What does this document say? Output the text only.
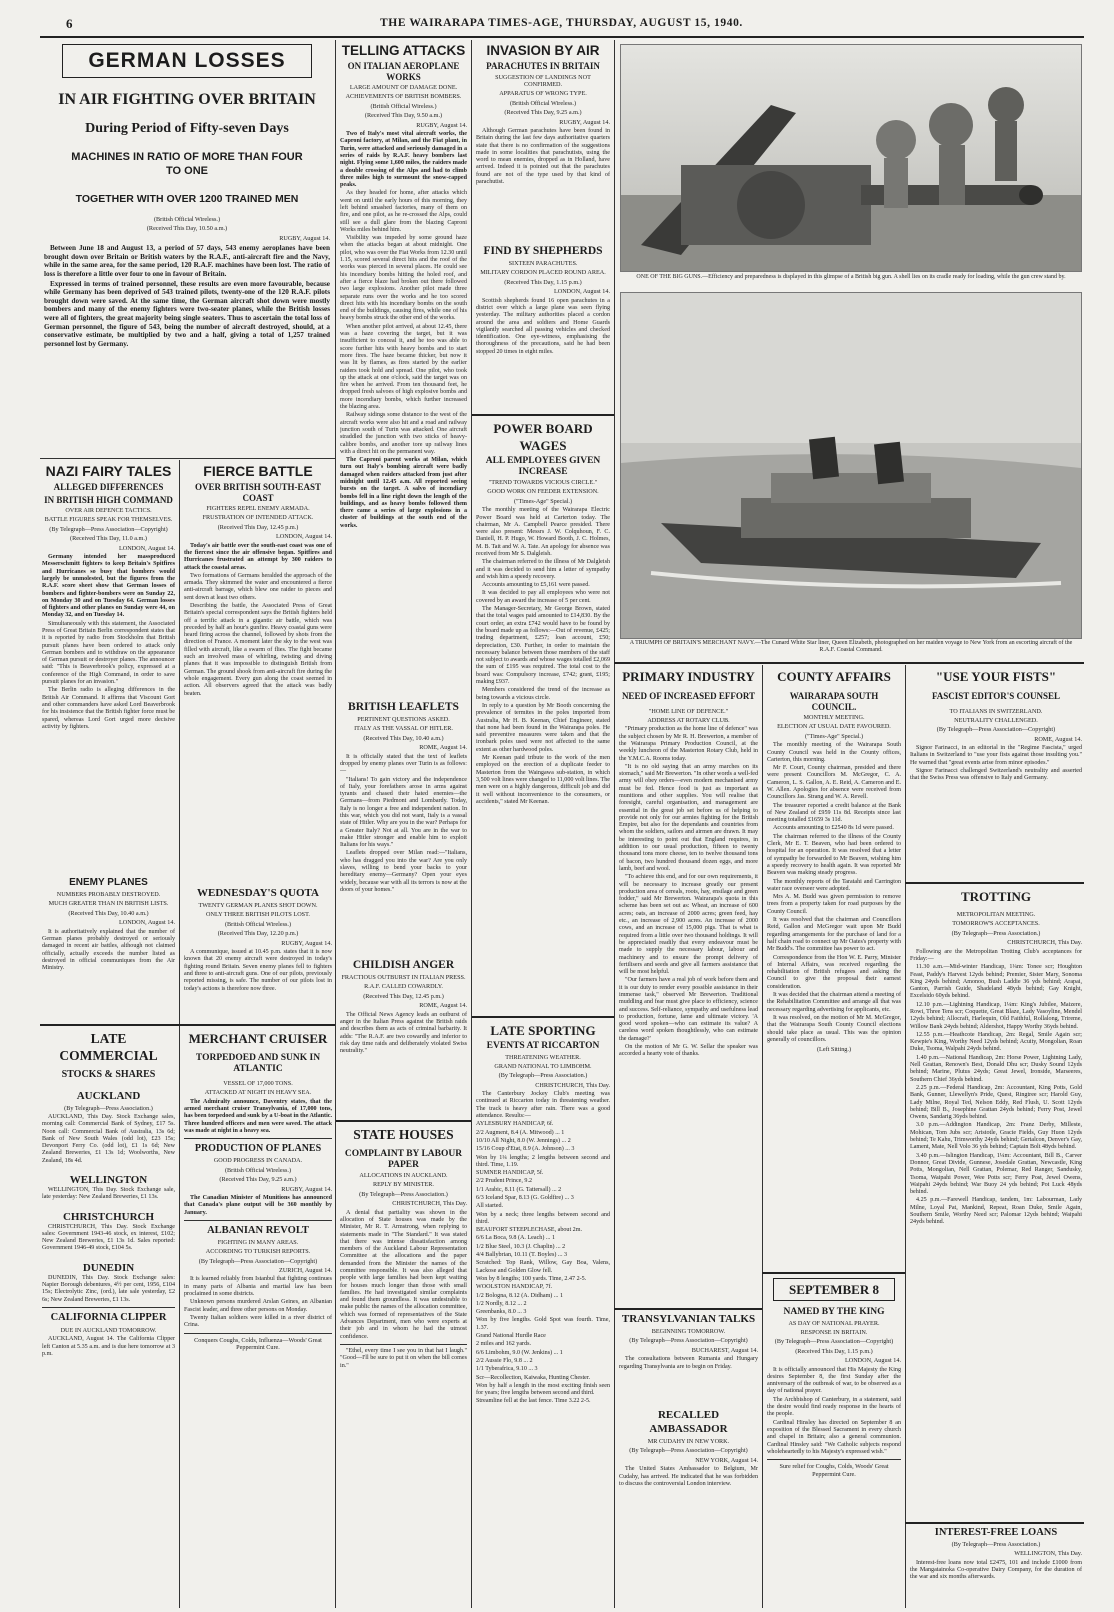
6	THE WAIRARAPA TIMES-AGE, THURSDAY, AUGUST 15, 1940.

GERMAN LOSSES

IN AIR FIGHTING OVER BRITAIN

During Period of Fifty-seven Days

MACHINES IN RATIO OF MORE THAN FOUR TO ONE

TOGETHER WITH OVER 1200 TRAINED MEN

(British Official Wireless.)

(Received This Day, 10.50 a.m.)

RUGBY, August 14.

Between June 18 and August 13, a period of 57 days, 543 enemy aeroplanes have been brought down over Britain or British waters by the R.A.F., anti-aircraft fire and the Navy, while in the same area, for the same period, 120 R.A.F. machines have been lost. The ratio of loss is therefore a little over four to one in favour of Britain.

Expressed in terms of trained personnel, these results are even more favourable, because while Germany has been deprived of 543 trained pilots, twenty-one of the 120 R.A.F. pilots brought down were saved. At the same time, the German aircraft shot down were mostly bombers and many of the enemy fighters were two-seater planes, while the British losses were all of fighters, the great majority being single seaters. Thus to ascertain the total loss of German personnel, the figure of 543, being the number of aircraft destroyed, should, at a conservative estimate, be multiplied by two and a half, giving a total of 1,257 trained personnel lost by Germany.

NAZI FAIRY TALES

ALLEGED DIFFERENCES

IN BRITISH HIGH COMMAND

OVER AIR DEFENCE TACTICS.

BATTLE FIGURES SPEAK FOR THEMSELVES.

(By Telegraph—Press Association—Copyright)

(Received This Day, 11.0 a.m.)

LONDON, August 14.

Germany intended her massproduced Messerschmitt fighters to keep Britain's Spitfires and Hurricanes so busy that bombers would largely be unmolested, but the figures from the R.A.F. score sheet show that German losses of bombers and fighter-bombers were on Sunday 22, on Monday 30 and on Tuesday 64. German losses of fighters and other planes on Sunday were 44, on Monday 32, and on Tuesday 14.

Simultaneously with this statement, the Associated Press of Great Britain Berlin correspondent states that it is reported by radio from Stockholm that British pursuit planes have been ordered to attack only German bombers and to withdraw on the appearance of German pursuit or destroyer planes. The announcer said: "This is Beaverbrook's policy, expressed at a conference of the High Command, in order to save pursuit planes for an invasion."

The Berlin radio is alleging differences in the British Air Command. It affirms that Viscount Gort and other commanders have asked Lord Beaverbrook for his insistence that the British fighter force must be spared, whereas Lord Gort urged more decisive activity by fighters.

ENEMY PLANES

NUMBERS PROBABLY DESTROYED.

MUCH GREATER THAN IN BRITISH LISTS.

(Received This Day, 10.40 a.m.)

LONDON, August 14.

It is authoritatively explained that the number of German planes probably destroyed or seriously damaged in recent air battles, although not claimed officially, actually exceeds the number listed as destroyed in official communiques from the Air Ministry.

FIERCE BATTLE

OVER BRITISH SOUTH-EAST COAST

FIGHTERS REPEL ENEMY ARMADA.

FRUSTRATION OF INTENDED ATTACK.

(Received This Day, 12.45 p.m.)

LONDON, August 14.

Today's air battle over the south-east coast was one of the fiercest since the air offensive began. Spitfires and Hurricanes frustrated an attempt by 300 raiders to attack the coastal areas.

Two formations of Germans heralded the approach of the armada. They skimmed the water and encountered a fierce anti-aircraft barrage, which blew one raider to pieces and sent down at least two others.

Describing the battle, the Associated Press of Great Britain's special correspondent says the British fighters held off a terrific attack in a gigantic air battle, which was preceded by half an hour's gunfire. Heavy coastal guns were heard firing across the channel, followed by shots from the direction of France. A moment later the sky to the west was filled with aircraft, like a swarm of flies. The fight became such an involved mass of whirling, twisting and diving planes that it was impossible to distinguish British from German. The ground shook from anti-aircraft fire during the whole engagement. Every gun along the coast seemed in action. All observers agreed that the attack was badly beaten.

WEDNESDAY'S QUOTA

TWENTY GERMAN PLANES SHOT DOWN.

ONLY THREE BRITISH PILOTS LOST.

(British Official Wireless.)

(Received This Day, 12.20 p.m.)

RUGBY, August 14.

A communique, issued at 10.45 p.m. states that it is now known that 20 enemy aircraft were destroyed in today's fighting round Britain. Seven enemy planes fell to fighters and three to anti-aircraft guns. One of our pilots, previously reported missing, is safe. The number of our pilots lost in today's actions is therefore now three.

LATE COMMERCIAL

STOCKS & SHARES

AUCKLAND

(By Telegraph—Press Association.)

AUCKLAND, This Day. Stock Exchange sales, morning call: Commercial Bank of Sydney, £17 5s. Noon call: Commercial Bank of Australia, 13s 6d; Bank of New South Wales (odd lot), £23 15s; Devonport Ferry Co. (odd lot), £1 1s 6d; New Zealand Breweries, £1 13s 1d; Woolworths, New Zealand, 18s 4d.

WELLINGTON

WELLINGTON, This Day. Stock Exchange sale, late yesterday: New Zealand Breweries, £1 13s.

CHRISTCHURCH

CHRISTCHURCH, This Day. Stock Exchange sales: Government 1943-46 stock, ex interest, £102; New Zealand Breweries, £1 13s 1d. Sales reported: Government 1946-49 stock, £104 5s.

DUNEDIN

DUNEDIN, This Day. Stock Exchange sales: Napier Borough debentures, 4½ per cent, 1956, £104 15s; Electrolytic Zinc, (ord.), late sale yesterday, £2 6s; New Zealand Breweries, £1 13s.

CALIFORNIA CLIPPER

DUE IN AUCKLAND TOMORROW.

AUCKLAND, August 14. The California Clipper left Canton at 5.35 a.m. and is due here tomorrow at 3 p.m.

MERCHANT CRUISER

TORPEDOED AND SUNK IN ATLANTIC

VESSEL OF 17,000 TONS.

ATTACKED AT NIGHT IN HEAVY SEA.

The Admiralty announce, Daventry states, that the armed merchant cruiser Transylvania, of 17,000 tons, has been torpedoed and sunk by a U-boat in the Atlantic. Three hundred officers and men were saved. The attack was made at night in a heavy sea.

PRODUCTION OF PLANES

GOOD PROGRESS IN CANADA.

(British Official Wireless.)

(Received This Day, 9.25 a.m.)

RUGBY, August 14.

The Canadian Minister of Munitions has announced that Canada's plane output will be 360 monthly by January.

ALBANIAN REVOLT

FIGHTING IN MANY AREAS.

ACCORDING TO TURKISH REPORTS.

(By Telegraph—Press Association—Copyright)

ZURICH, August 14.

It is learned reliably from Istanbul that fighting continues in many parts of Albania and martial law has been proclaimed in some districts.

Unknown persons murdered Arslan Geines, an Albanian Fascist leader, and three other persons on Monday.

Twenty Italian soldiers were killed in a river district of Crina.

Conquers Coughs, Colds, Influenza—Woods' Great Peppermint Cure.

TELLING ATTACKS

ON ITALIAN AEROPLANE WORKS

LARGE AMOUNT OF DAMAGE DONE.

ACHIEVEMENTS OF BRITISH BOMBERS.

(British Official Wireless.)

(Received This Day, 9.50 a.m.)

RUGBY, August 14.

Two of Italy's most vital aircraft works, the Caproni factory, at Milan, and the Fiat plant, in Turin, were attacked and seriously damaged in a series of raids by R.A.F. heavy bombers last night. Flying some 1,600 miles, the raiders made a double crossing of the Alps and had to climb three miles high to surmount the snow-capped peaks.

As they headed for home, after attacks which went on until the early hours of this morning, they left behind smashed factories, many of them on fire, and one pilot, as he re-crossed the Alps, could still see a dull glare from the blazing Caproni Works miles behind him.

Visibility was impeded by some ground haze when the attacks began at about midnight. One pilot, who was over the Fiat Works from 12.30 until 1.15, scored several direct hits and the roof of the works was pierced in several places. He could see his incendiary bombs hitting the holed roof, and after a fierce blaze had broken out there followed two large explosions. Another pilot made three separate runs over the works and he too scored direct hits with his incendiary bombs on the south end of the buildings, causing fires, while one of his heavy bombs struck the other end of the works.

When another pilot arrived, at about 12.45, there was a haze covering the target, but it was insufficient to conceal it, and he too was able to score further hits with heavy bombs and to start more fires. The haze became thicker, but now it was lit by flames, as fires started by the earlier raiders took hold and spread. One pilot, who took up the attack at one o'clock, said the target was on fire when he arrived. From ten thousand feet, he dropped fresh salvoes of high explosive bombs and more incendiary bombs, which further increased the blazing area.

Railway sidings some distance to the west of the aircraft works were also hit and a road and railway junction south of Turin was attacked. One aircraft straddled the junction with two sticks of heavy-calibre bombs, and another tore up railway lines with a direct hit on the permanent way.

The Caproni parent works at Milan, which turn out Italy's bombing aircraft were badly damaged when raiders attacked from just after midnight until 12.45 a.m. All reported seeing bursts on the target. A salvo of incendiary bombs fell in a line right down the length of the buildings, and as heavy bombs followed them there came a series of large explosions in a cluster of buildings at the south end of the works.

BRITISH LEAFLETS

PERTINENT QUESTIONS ASKED.

ITALY AS THE VASSAL OF HITLER.

(Received This Day, 10.40 a.m.)

ROME, August 14.

It is officially stated that the text of leaflets dropped by enemy planes over Turin is as follows:—

"Italians! To gain victory and the independence of Italy, your forefathers arose in arms against tyrants and chased their hated enemies—the Germans—from Piedmont and Lombardy. Today, Italy is no longer a free and independent nation. In this war, which you did not want, Italy is a vassal state of Hitler. Why are you in the war? Perhaps for a Greater Italy? Not at all. You are in the war to make Hitler stronger and enable him to exploit Italians for his ways."

Leaflets dropped over Milan read:—"Italians, who has dragged you into the war? Are you only slaves, willing to bend your backs to your hereditary enemy—Germany? Open your eyes widely, because war with all its terrors is now at the doors of your homes."

CHILDISH ANGER

FRACTIOUS OUTBURST IN ITALIAN PRESS.

R.A.F. CALLED COWARDLY.

(Received This Day, 12.45 p.m.)

ROME, August 14.

The Official News Agency leads an outburst of anger in the Italian Press against the British raids and describes them as acts of criminal barbarity. It adds: "The R.A.F. are two cowardly and inferior to risk day time raids and deliberately violated Swiss neutrality."

STATE HOUSES

COMPLAINT BY LABOUR PAPER

ALLOCATIONS IN AUCKLAND.

REPLY BY MINISTER.

(By Telegraph—Press Association.)

CHRISTCHURCH, This Day.

A denial that partiality was shown in the allocation of State houses was made by the Minister, Mr R. T. Armstrong, when replying to statements made in "The Standard." It was stated that there was intense dissatisfaction among members of the Auckland Labour Representation Committee at the allocations and the paper demanded from the Minister the names of the committee responsible. It was also alleged that people with large families had been kept waiting for houses much longer than those with small families. He had investigated similar complaints and found them groundless. It was undesirable to make public the names of the allocation committee, which was formed of representatives of the State Advances Department, men who were experts at their job and in whom he had the utmost confidence.

"Ethel, every time I see you in that hat I laugh." "Good—I'll be sure to put it on when the bill comes in."

INVASION BY AIR

PARACHUTES IN BRITAIN

SUGGESTION OF LANDINGS NOT CONFIRMED.

APPARATUS OF WRONG TYPE.

(British Official Wireless.)

(Received This Day, 9.25 a.m.)

RUGBY, August 14.

Although German parachutes have been found in Britain during the last few days authoritative quarters state that there is no confirmation of the suggestions made in some localities that parachutists, using the word to mean enemies, dropped as in Holland, have arrived. Indeed it is pointed out that the parachutes found are not of the type used by that kind of parachutist.

FIND BY SHEPHERDS

SIXTEEN PARACHUTES.

MILITARY CORDON PLACED ROUND AREA.

(Received This Day, 1.15 p.m.)

LONDON, August 14.

Scottish shepherds found 16 open parachutes in a district over which a large plane was seen flying yesterday. The military authorities placed a cordon around the area and soldiers and Home Guards vigilantly searched all passing vehicles and checked identification. One eye-witness, emphasising the thoroughness of the precautions, said he had been stopped 20 times in eight miles.

POWER BOARD WAGES

ALL EMPLOYEES GIVEN INCREASE

"TREND TOWARDS VICIOUS CIRCLE."

GOOD WORK ON FEEDER EXTENSION.

("Times-Age" Special.)

The monthly meeting of the Wairarapa Electric Power Board was held at Carterton today. The chairman, Mr A. Campbell Pearce presided. There were also present: Messrs J. W. Colquhoun, F. C. Daniell, H. P. Hugo, W. Howard Booth, J. C. Holmes, M. B. Tait and W. A. Tate. An apology for absence was received from Mr S. Dalgleish.

The chairman referred to the illness of Mr Dalgleish and it was decided to send him a letter of sympathy and wish him a speedy recovery.

Accounts amounting to £5,161 were passed.

It was decided to pay all employees who were not covered by an award the increase of 5 per cent.

The Manager-Secretary, Mr George Brown, stated that the total wages paid amounted to £14,830. By the court order, an extra £742 would have to be found by the board made up as follows:—Out of revenue, £425; trading department, £257; loan account, £50; depreciation, £30. Further, in order to maintain the necessary balance between those members of the staff not subject to awards and whose wages totalled £2,069 the sum of £195 was required. The total cost to the board was: Compulsory increase, £742; grant, £195; making £937.

Members considered the trend of the increase as being towards a vicious circle.

In reply to a question by Mr Booth concerning the prevalence of termites in the poles imported from Australia, Mr H. B. Keenan, Chief Engineer, stated that none had been found in the Wairarapa poles. He said preventive measures were taken and that the ironbark poles used were not affected to the same extent as other hardwood poles.

Mr Keenan paid tribute to the work of the men employed on the erection of a duplicate feeder to Masterton from the Waingawa sub-station, in which 3,500 volt lines were changed to 11,000 volt lines. The men were on a highly dangerous, difficult job and did it well without inconvenience to the consumers, or accidents," stated Mr Keenan.

LATE SPORTING

EVENTS AT RICCARTON

THREATENING WEATHER.

GRAND NATIONAL TO LIMBOHM.

(By Telegraph—Press Association.)

CHRISTCHURCH, This Day.

The Canterbury Jockey Club's meeting was continued at Riccarton today in threatening weather. The track is heavy after rain. There was a good attendance. Results:—

AYLESBURY HANDICAP, 6f.

2/2 Augment, 8.4 (A. Mitwood) ... 1

10/10 All Night, 8.0 (W. Jennings) ... 2

15/16 Coup d'Etat, 8.9 (A. Johnson) ... 3

Won by 1¼ lengths; 2 lengths between second and third. Time, 1.19.

SUMNER HANDICAP, 5f.

2/2 Prudent Prince, 9.2

1/1 Arabic, 8.11 (G. Tattersall) ... 2

6/3 Iceland Spar, 8.13 (G. Goldfire) ... 3

All started.

Won by a neck; three lengths between second and third.

BEAUFORT STEEPLECHASE, about 2m.

6/6 La Boca, 9.8 (A. Leach) ... 1

1/2 Blue Steel, 10.3 (J. Chaplin) ... 2

4/4 Ballybrian, 10.11 (T. Boyles) ... 3

Scratched: Top Rank, Willow, Gay Boa, Valens, Lackose and Golden Glow fell.

Won by 8 lengths; 100 yards. Time, 2.47 2-5.

WOOLSTON HANDICAP, 7f.

1/2 Bologna, 8.12 (A. Didham) ... 1

1/2 Nordly, 8.12 ... 2

Greenbanks, 8.0 ... 3

Won by five lengths. Gold Spot was fourth. Time, 1.37.

Grand National Hurdle Race

2 miles and 162 yards.

6/6 Limbohm, 9.0 (W. Jenkins) ... 1

2/2 Aussie Flo, 9.8 ... 2

1/1 Tyberafrica, 9.10 ... 3

Scr—Recollection, Kaiwaka, Hunting Chester.

Won by half a length in the most exciting finish seen for years; five lengths between second and third.

Streamline fell at the last fence. Time 3.22 2-5.

ONE OF THE BIG GUNS.—Efficiency and preparedness is displayed in this glimpse of a British big gun. A shell lies on its cradle ready for loading, while the gun crew stand by.

A TRIUMPH OF BRITAIN'S MERCHANT NAVY.—The Cunard White Star liner, Queen Elizabeth, photographed on her maiden voyage to New York from an escorting aircraft of the R.A.F. Coastal Command.

PRIMARY INDUSTRY

NEED OF INCREASED EFFORT

"HOME LINE OF DEFENCE."

ADDRESS AT ROTARY CLUB.

"Primary production as the home line of defence" was the subject chosen by Mr R. H. Brewerton, a member of the Wairarapa Primary Production Council, at the weekly luncheon of the Masterton Rotary Club, held in the Y.M.C.A. Rooms today.

"It is no old saying that an army marches on its stomach," said Mr Brewerton. "In other words a well-fed army will obey orders—even modern mechanised army must be fed. Hence food is just as important as munitions and other supplies. You will realise that foresight, careful organisation, and management are essential in the great job set before us of helping to provide not only for our armies fighting for the British Empire, but also for the dependants and countries from whom the soldiers, sailors and airmen are drawn. It may be interesting to point out that England requires, in addition to our usual production, fifteen to twenty thousand tons more cheese, ten to twelve thousand tons of bacon, two hundred thousand dozen eggs, and more lamb, beef and wool.

"To achieve this end, and for our own requirements, it will be necessary to increase greatly our present production area of cereals, roots, hay, ensilage and green fodder," said Mr Brewerton. Wairarapa's quota in this scheme has been set out as: Wheat, an increase of 600 acres; oats, an increase of 2000 acres; green feed, hay etc., an increase of 2,900 acres. An increase of 2000 cows, and an increase of 15,000 pigs. That is what is required from a little over two thousand holdings. It will be appreciated readily that every endeavour must be made to supply the necessary labour, labour and machinery and to ensure the prompt delivery of fertilisers and seeds and give all farmers assistance that will be most helpful.

"Our farmers have a real job of work before them and it is our duty to render every possible assistance in their immense task," observed Mr Brewerton. Traditional muddling and fear must give place to efficiency, science and success. Self-reliance, sympathy and usefulness lead to production, fortune, fame and ultimate victory. 'A good word spoken—who can estimate its value? A careless word spoken thoughtlessly, who can estimate the damage?'

On the motion of Mr G. W. Sellar the speaker was accorded a hearty vote of thanks.

TRANSYLVANIAN TALKS

BEGINNING TOMORROW.

(By Telegraph—Press Association—Copyright)

BUCHAREST, August 14.

The consultations between Rumania and Hungary regarding Transylvania are to begin on Friday.

RECALLED AMBASSADOR

MR CUDAHY IN NEW YORK.

(By Telegraph—Press Association—Copyright)

NEW YORK, August 14.

The United States Ambassador to Belgium, Mr Cudahy, has arrived. He indicated that he was forbidden to discuss the controversial London interview.

COUNTY AFFAIRS

WAIRARAPA SOUTH COUNCIL.

MONTHLY MEETING.

ELECTION AT USUAL DATE FAVOURED.

("Times-Age" Special.)

The monthly meeting of the Wairarapa South County Council was held in the County offices, Carterton, this morning.

Mr F. Court, County chairman, presided and there were present Councillors M. McGregor, C. A. Cameron, L. S. Gallon, A. E. Reid, A. Cameron and E. W. Allen. Apologies for absence were received from Councillors Jas. Strang and W. A. Revell.

The treasurer reported a credit balance at the Bank of New Zealand of £959 11s 8d. Receipts since last meeting totalled £1659 3s 11d.

Accounts amounting to £2540 8s 1d were passed.

The chairman referred to the illness of the County Clerk, Mr E. T. Beaven, who had been ordered to hospital for an operation. It was resolved that a letter of sympathy be forwarded to Mr Beaven, wishing him a speedy recovery to health again. It was reported Mr Beaven was making steady progress.

The monthly reports of the Taratahi and Carrington water race overseer were adopted.

Mrs A. M. Budd was given permission to remove trees from a property taken for road purposes by the County Council.

It was resolved that the chairman and Councillors Reid, Gallon and McGregor wait upon Mr Budd regarding arrangements for the purchase of land for a half chain road to connect up Mr Oates's property with Mr Budd's. The committee has power to act.

Correspondence from the Hon W. E. Parry, Minister of Internal Affairs, was received regarding the rehabilitation of British refugees and asking the Council to give the proposal their earnest consideration.

It was decided that the chairman attend a meeting of the Rehabilitation Committee and arrange all that was necessary regarding advertising for applicants, etc.

It was resolved, on the motion of Mr M. McGregor, that the Wairarapa South County Council elections should take place as usual. This was the opinion generally of councillors.

(Left Sitting.)

SEPTEMBER 8

NAMED BY THE KING

AS DAY OF NATIONAL PRAYER.

RESPONSE IN BRITAIN.

(By Telegraph—Press Association—Copyright)

(Received This Day, 1.15 p.m.)

LONDON, August 14.

It is officially announced that His Majesty the King desires September 8, the first Sunday after the anniversary of the outbreak of war, to be observed as a day of national prayer.

The Archbishop of Canterbury, in a statement, said the desire would find ready response in the hearts of the people.

Cardinal Hinsley has directed on September 8 an exposition of the Blessed Sacrament in every church and chapel in Britain; also a general communion. Cardinal Hinsley said: "We Catholic subjects respond wholeheartedly to his Majesty's expressed wish."

Sure relief for Coughs, Colds, Woods' Great Peppermint Cure.

"USE YOUR FISTS"

FASCIST EDITOR'S COUNSEL

TO ITALIANS IN SWITZERLAND.

NEUTRALITY CHALLENGED.

(By Telegraph—Press Association—Copyright)

ROME, August 14.

Signor Farinacci, in an editorial in the "Regime Fascista," urged Italians in Switzerland to "use your fists against those insulting you." He warned that "great events arise from minor episodes."

Signor Farinacci challenged Switzerland's neutrality and asserted that the Swiss Press was offensive to Italy and Germany.

TROTTING

METROPOLITAN MEETING.

TOMORROW'S ACCEPTANCES.

(By Telegraph—Press Association.)

CHRISTCHURCH, This Day.

Following are the Metropolitan Trotting Club's acceptances for Friday:—

11.30 a.m.—Mid-winter Handicap, 1¼m: Tonee scr; Houghton Feast, Paddy's Harvest 12yds behind; Premier, Sister Mary, Sonoma King 24yds behind; Amonoo, Bush Laddie 36 yds behind; Arapai, Ganton, Parrish Guide, Shadeland 48yds behind; Gay Knight, Excelsido 60yds behind.

12.10 p.m.—Lightning Handicap, 1¼m: King's Jubilee, Maizere, Rowi, Three Tens scr; Coquette, Great Blaze, Lady Vasoyline, Mendel 12yds behind; Allocraft, Harlequin, Old Faithful, Rollalong, Trireme, Willow Bank 24yds behind; Aldershot, Happy Worthy 36yds behind.

12.55 p.m.—Heathcote Handicap, 2m: Regal, Smile Again scr; Kewpie's King, Worthy Need 12yds behind; Acuity, Mongolian, Roan Duke, Tsoma, Walpahi 24yds behind.

1.40 p.m.—National Handicap, 2m: Horse Power, Lightning Lady, Nell Grattan, Renown's Best, Donald Dhu scr; Dusky Sound 12yds behind; Marine, Plutus 24yds; Great Jewel, Ironside, Marseeres, Southern Chief 36yds behind.

2.25 p.m.—Federal Handicap, 2m: Accountant, King Potts, Gold Bank, Gunner, Llewellyn's Pride, Quest, Ringtree scr; Harold Guy, Lady Milne, Royal Ted, Nelson Eddy, Red Flush, U. Scott 12yds behind; Bill B., Josephine Grattan 24yds behind; Ferry Post, Jewel Owens, Sandarig 36yds behind.

3.0 p.m.—Addington Handicap, 2m: Franz Derby, Milleste, Mohican, Tom Jubs scr; Aristotle, Gracie Fields, Guy Huon 12yds behind; Te Kahu, Trimworthy 24yds behind; Gertalcon, Denver's Gay, Lament, Mate, Nell Volo 36 yds behind; Captain Bolt 48yds behind.

3.40 p.m.—Islington Handicap, 1¼m: Accountant, Bill B., Carver Donnor, Great Divide, Gunnese, Josedale Grattan, Newcastle, King Potts, Mongolian, Nell Grattan, Polemar, Red Ranger, Sandusky, Tsoma, Waipahi Power, Wee Potts scr; Ferry Post, Jewel Owens, Waipahi 24yds behind; War Buoy 24 yds behind; Pot Luck 48yds behind.

4.25 p.m.—Farewell Handicap, tandem, 1m: Labourman, Lady Milne, Loyal Pat, Mankind, Repeat, Roan Duke, Smile Again, Southern Smile, Worthy Need scr; Palomar 12yds behind; Waipahi 24yds behind.

INTEREST-FREE LOANS

(By Telegraph—Press Association.)

WELLINGTON, This Day.

Interest-free loans now total £2475, 101 and include £1000 from the Mangatainoka Co-operative Dairy Company, for the duration of the war and six months afterwards.
